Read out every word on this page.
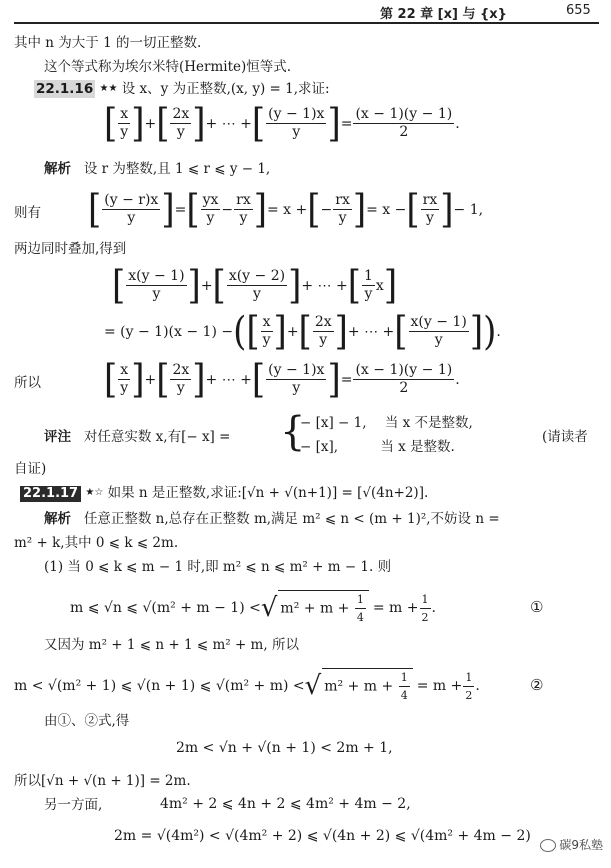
第 22 章 [x] 与 {x}	655
其中 n 为大于 1 的一切正整数.
这个等式称为埃尔米特(Hermite)恒等式.
22.1.16 ★★ 设 x、y 为正整数,(x, y) = 1,求证:
[ $\frac{x}{y}$ ] + [ $\frac{2x}{y}$ ] + ⋯ + [ $\frac{(y - 1)x}{y}$ ] = $\frac{(x - 1)(y - 1)}{2}$ .
解析 设 r 为整数,且 1 ⩽ r ⩽ y − 1,
则有 [ $\frac{(y - r)x}{y}$ ] = [ $\frac{yx}{y} - \frac{rx}{y}$ ] = x + [ − $\frac{rx}{y}$ ] = x − [ $\frac{rx}{y}$ ] − 1,
两边同时叠加,得到
[ $\frac{x(y - 1)}{y}$ ] + [ $\frac{x(y - 2)}{y}$ ] + ⋯ + [ $\frac{1}{y}$ x ]
= (y − 1)(x − 1) − ( [ $\frac{x}{y}$ ] + [ $\frac{2x}{y}$ ] + ⋯ + [ $\frac{x(y - 1)}{y}$ ] ) .
所以 [ $\frac{x}{y}$ ] + [ $\frac{2x}{y}$ ] + ⋯ + [ $\frac{(y - 1)x}{y}$ ] = $\frac{(x - 1)(y - 1)}{2}$ .
评注 对任意实数 x,有[− x] = {
− [x] − 1, 当 x 不是整数,
− [x],	当 x 是整数.
(请读者
自证)
22.1.17 ★☆ 如果 n 是正整数,求证:[√n + √(n+1)] = [√(4n+2)].
解析 任意正整数 n,总存在正整数 m,满足 m² ⩽ n < (m + 1)²,不妨设 n =
m² + k,其中 0 ⩽ k ⩽ 2m.
(1) 当 0 ⩽ k ⩽ m − 1 时,即 m² ⩽ n ⩽ m² + m − 1. 则
m ⩽ √n ⩽ √(m² + m − 1) < √ $m^2 + m + \frac{1}{4} = m + \frac{1}{2}$ .	①
又因为 m² + 1 ⩽ n + 1 ⩽ m² + m, 所以
m < √(m² + 1) ⩽ √(n + 1) ⩽ √(m² + m) < √ $m^2 + m + \frac{1}{4} = m + \frac{1}{2}$ .	②
由①、②式,得
2m < √n + √(n + 1) < 2m + 1,
所以[√n + √(n + 1)] = 2m.
另一方面,	4m² + 2 ⩽ 4n + 2 ⩽ 4m² + 4m − 2,
2m = √(4m²) < √(4m² + 2) ⩽ √(4n + 2) ⩽ √(4m² + 4m − 2)
碳9私塾
